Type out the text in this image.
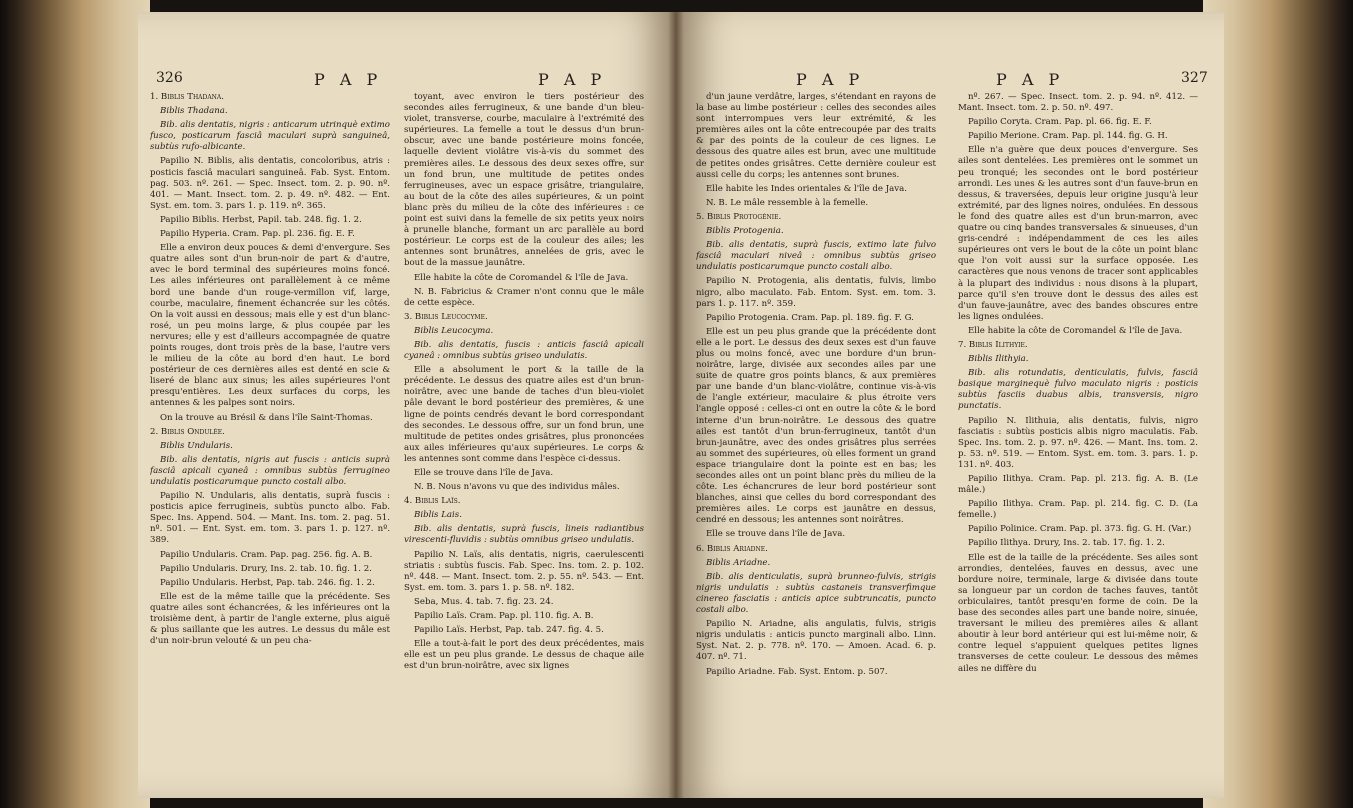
326	P A P	P A P

1. Biblis Thadana.

Biblis Thadana.

Bib. alis dentatis, nigris : anticarum utrinquè extimo fusco, posticarum fasciâ maculari suprà sanguineâ, subtùs rufo-albicante.

Papilio N. Biblis, alis dentatis, concoloribus, atris : posticis fasciâ maculari sanguineâ. Fab. Syst. Entom. pag. 503. nº. 261. — Spec. Insect. tom. 2. p. 90. nº. 401. — Mant. Insect. tom. 2. p. 49. nº. 482. — Ent. Syst. em. tom. 3. pars 1. p. 119. nº. 365.

Papilio Biblis. Herbst, Papil. tab. 248. fig. 1. 2.

Papilio Hyperia. Cram. Pap. pl. 236. fig. E. F.

Elle a environ deux pouces & demi d'envergure. Ses quatre ailes sont d'un brun-noir de part & d'autre, avec le bord terminal des supérieures moins foncé. Les ailes inférieures ont parallèlement à ce même bord une bande d'un rouge-vermillon vif, large, courbe, maculaire, finement échancrée sur les côtés. On la voit aussi en dessous; mais elle y est d'un blanc-rosé, un peu moins large, & plus coupée par les nervures; elle y est d'ailleurs accompagnée de quatre points rouges, dont trois près de la base, l'autre vers le milieu de la côte au bord d'en haut. Le bord postérieur de ces dernières ailes est denté en scie & liseré de blanc aux sinus; les ailes supérieures l'ont presqu'entières. Les deux surfaces du corps, les antennes & les palpes sont noirs.

On la trouve au Brésil & dans l'île Saint-Thomas.

2. Biblis Ondulée.

Biblis Undularis.

Bib. alis dentatis, nigris aut fuscis : anticis suprà fasciâ apicali cyaneâ : omnibus subtùs ferrugineo undulatis posticarumque puncto costali albo.

Papilio N. Undularis, alis dentatis, suprà fuscis : posticis apice ferrugineis, subtùs puncto albo. Fab. Spec. Ins. Append. 504. — Mant. Ins. tom. 2. pag. 51. nº. 501. — Ent. Syst. em. tom. 3. pars 1. p. 127. nº. 389.

Papilio Undularis. Cram. Pap. pag. 256. fig. A. B.

Papilio Undularis. Drury, Ins. 2. tab. 10. fig. 1. 2.

Papilio Undularis. Herbst, Pap. tab. 246. fig. 1. 2.

Elle est de la même taille que la précédente. Ses quatre ailes sont échancrées, & les inférieures ont la troisième dent, à partir de l'angle externe, plus aiguë & plus saillante que les autres. Le dessus du mâle est d'un noir-brun velouté & un peu cha-

toyant, avec environ le tiers postérieur des secondes ailes ferrugineux, & une bande d'un bleu-violet, transverse, courbe, maculaire à l'extrémité des supérieures. La femelle a tout le dessus d'un brun-obscur, avec une bande postérieure moins foncée, laquelle devient violâtre vis-à-vis du sommet des premières ailes. Le dessous des deux sexes offre, sur un fond brun, une multitude de petites ondes ferrugineuses, avec un espace grisâtre, triangulaire, au bout de la côte des ailes supérieures, & un point blanc près du milieu de la côte des inférieures : ce point est suivi dans la femelle de six petits yeux noirs à prunelle blanche, formant un arc parallèle au bord postérieur. Le corps est de la couleur des ailes; les antennes sont brunâtres, annelées de gris, avec le bout de la massue jaunâtre.

Elle habite la côte de Coromandel & l'île de Java.

N. B. Fabricius & Cramer n'ont connu que le mâle de cette espèce.

3. Biblis Leucocyme.

Biblis Leucocyma.

Bib. alis dentatis, fuscis : anticis fasciâ apicali cyaneâ : omnibus subtùs griseo undulatis.

Elle a absolument le port & la taille de la précédente. Le dessus des quatre ailes est d'un brun-noirâtre, avec une bande de taches d'un bleu-violet pâle devant le bord postérieur des premières, & une ligne de points cendrés devant le bord correspondant des secondes. Le dessous offre, sur un fond brun, une multitude de petites ondes grisâtres, plus prononcées aux ailes inférieures qu'aux supérieures. Le corps & les antennes sont comme dans l'espèce ci-dessus.

Elle se trouve dans l'île de Java.

N. B. Nous n'avons vu que des individus mâles.

4. Biblis Laïs.

Biblis Lais.

Bib. alis dentatis, suprà fuscis, lineis radiantibus virescenti-fluvidis : subtùs omnibus griseo undulatis.

Papilio N. Laïs, alis dentatis, nigris, caerulescenti striatis : subtùs fuscis. Fab. Spec. Ins. tom. 2. p. 102. nº. 448. — Mant. Insect. tom. 2. p. 55. nº. 543. — Ent. Syst. em. tom. 3. pars 1. p. 58. nº. 182.

Seba, Mus. 4. tab. 7. fig. 23. 24.

Papilio Laïs. Cram. Pap. pl. 110. fig. A. B.

Papilio Laïs. Herbst, Pap. tab. 247. fig. 4. 5.

Elle a tout-à-fait le port des deux précédentes, mais elle est un peu plus grande. Le dessus de chaque aile est d'un brun-noirâtre, avec six lignes

P A P	P A P	327

d'un jaune verdâtre, larges, s'étendant en rayons de la base au limbe postérieur : celles des secondes ailes sont interrompues vers leur extrémité, & les premières ailes ont la côte entrecoupée par des traits & par des points de la couleur de ces lignes. Le dessous des quatre ailes est brun, avec une multitude de petites ondes grisâtres. Cette dernière couleur est aussi celle du corps; les antennes sont brunes.

Elle habite les Indes orientales & l'île de Java.

N. B. Le mâle ressemble à la femelle.

5. Biblis Protogénie.

Biblis Protogenia.

Bib. alis dentatis, suprà fuscis, extimo late fulvo fasciâ maculari niveâ : omnibus subtùs griseo undulatis posticarumque puncto costali albo.

Papilio N. Protogenia, alis dentatis, fulvis, limbo nigro, albo maculato. Fab. Entom. Syst. em. tom. 3. pars 1. p. 117. nº. 359.

Papilio Protogenia. Cram. Pap. pl. 189. fig. F. G.

Elle est un peu plus grande que la précédente dont elle a le port. Le dessus des deux sexes est d'un fauve plus ou moins foncé, avec une bordure d'un brun-noirâtre, large, divisée aux secondes ailes par une suite de quatre gros points blancs, & aux premières par une bande d'un blanc-violâtre, continue vis-à-vis de l'angle extérieur, maculaire & plus étroite vers l'angle opposé : celles-ci ont en outre la côte & le bord interne d'un brun-noirâtre. Le dessous des quatre ailes est tantôt d'un brun-ferrugineux, tantôt d'un brun-jaunâtre, avec des ondes grisâtres plus serrées au sommet des supérieures, où elles forment un grand espace triangulaire dont la pointe est en bas; les secondes ailes ont un point blanc près du milieu de la côte. Les échancrures de leur bord postérieur sont blanches, ainsi que celles du bord correspondant des premières ailes. Le corps est jaunâtre en dessus, cendré en dessous; les antennes sont noirâtres.

Elle se trouve dans l'île de Java.

6. Biblis Ariadne.

Biblis Ariadne.

Bib. alis denticulatis, suprà brunneo-fulvis, strigis nigris undulatis : subtùs castaneis transverfimque cinereo fasciatis : anticis apice subtruncatis, puncto costali albo.

Papilio N. Ariadne, alis angulatis, fulvis, strigis nigris undulatis : anticis puncto marginali albo. Linn. Syst. Nat. 2. p. 778. nº. 170. — Amoen. Acad. 6. p. 407. nº. 71.

Papilio Ariadne. Fab. Syst. Entom. p. 507.

nº. 267. — Spec. Insect. tom. 2. p. 94. nº. 412. — Mant. Insect. tom. 2. p. 50. nº. 497.

Papilio Coryta. Cram. Pap. pl. 66. fig. E. F.

Papilio Merione. Cram. Pap. pl. 144. fig. G. H.

Elle n'a guère que deux pouces d'envergure. Ses ailes sont dentelées. Les premières ont le sommet un peu tronqué; les secondes ont le bord postérieur arrondi. Les unes & les autres sont d'un fauve-brun en dessus, & traversées, depuis leur origine jusqu'à leur extrémité, par des lignes noires, ondulées. En dessous le fond des quatre ailes est d'un brun-marron, avec quatre ou cinq bandes transversales & sinueuses, d'un gris-cendré : indépendamment de ces les ailes supérieures ont vers le bout de la côte un point blanc que l'on voit aussi sur la surface opposée. Les caractères que nous venons de tracer sont applicables à la plupart des individus : nous disons à la plupart, parce qu'il s'en trouve dont le dessus des ailes est d'un fauve-jaunâtre, avec des bandes obscures entre les lignes ondulées.

Elle habite la côte de Coromandel & l'île de Java.

7. Biblis Ilithyie.

Biblis Ilithyia.

Bib. alis rotundatis, denticulatis, fulvis, fasciâ basique marginequè fulvo maculato nigris : posticis subtùs fasciis duabus albis, transversis, nigro punctatis.

Papilio N. Ilithuia, alis dentatis, fulvis, nigro fasciatis : subtùs posticis albis nigro maculatis. Fab. Spec. Ins. tom. 2. p. 97. nº. 426. — Mant. Ins. tom. 2. p. 53. nº. 519. — Entom. Syst. em. tom. 3. pars. 1. p. 131. nº. 403.

Papilio Ilithya. Cram. Pap. pl. 213. fig. A. B. (Le mâle.)

Papilio Ilithya. Cram. Pap. pl. 214. fig. C. D. (La femelle.)

Papilio Polinice. Cram. Pap. pl. 373. fig. G. H. (Var.)

Papilio Ilithya. Drury, Ins. 2. tab. 17. fig. 1. 2.

Elle est de la taille de la précédente. Ses ailes sont arrondies, dentelées, fauves en dessus, avec une bordure noire, terminale, large & divisée dans toute sa longueur par un cordon de taches fauves, tantôt orbiculaires, tantôt presqu'en forme de coin. De la base des secondes ailes part une bande noire, sinuée, traversant le milieu des premières ailes & allant aboutir à leur bord antérieur qui est lui-même noir, & contre lequel s'appuient quelques petites lignes transverses de cette couleur. Le dessous des mêmes ailes ne diffère du
